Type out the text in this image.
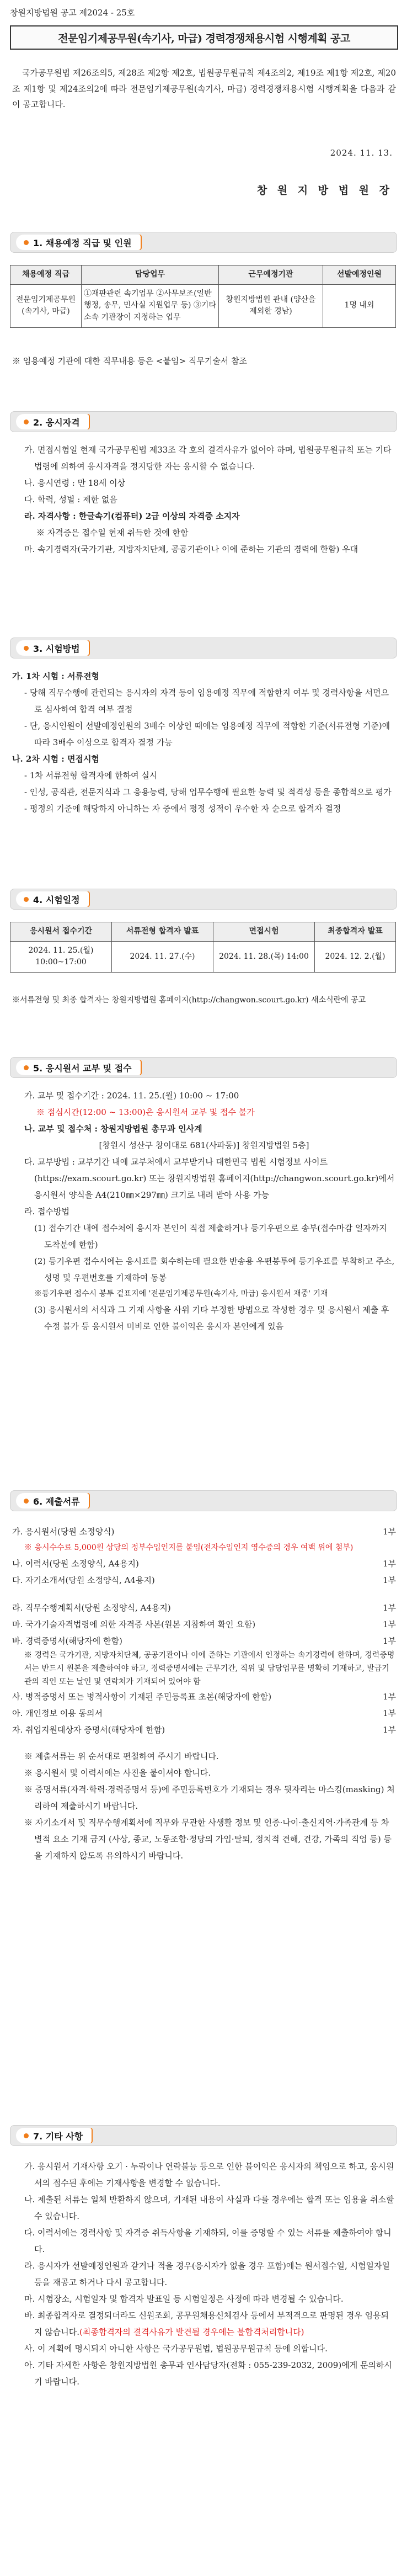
창원지방법원 공고 제2024 - 25호
전문임기제공무원(속기사, 마급) 경력경쟁채용시험 시행계획 공고
국가공무원법 제26조의5, 제28조 제2항 제2호, 법원공무원규칙 제4조의2, 제19조 제1항 제2호, 제20조 제1항 및 제24조의2에 따라 전문임기제공무원(속기사, 마급) 경력경쟁채용시험 시행계획을 다음과 같이 공고합니다.
2024. 11. 13.
창 원 지 방 법 원 장
1. 채용예정 직급 및 인원
채용예정 직급	담당업무	근무예정기관	선발예정인원
전문임기제공무원 (속기사, 마급)	①재판관련 속기업무 ②사무보조(일반행정, 송무, 민사실 지원업무 등) ③기타 소속 기관장이 지정하는 업무	창원지방법원 관내 (양산을 제외한 경남)	1명 내외
※ 임용예정 기관에 대한 직무내용 등은 <붙임> 직무기술서 참조
2. 응시자격

가. 면접시험일 현재 국가공무원법 제33조 각 호의 결격사유가 없어야 하며, 법원공무원규칙 또는 기타 법령에 의하여 응시자격을 정지당한 자는 응시할 수 없습니다.

나. 응시연령 : 만 18세 이상

다. 학력, 성별 : 제한 없음

라. 자격사항 : 한글속기(컴퓨터) 2급 이상의 자격증 소지자

※ 자격증은 접수일 현재 취득한 것에 한함

마. 속기경력자(국가기관, 지방자치단체, 공공기관이나 이에 준하는 기관의 경력에 한함) 우대

3. 시험방법

가. 1차 시험 : 서류전형

- 당해 직무수행에 관련되는 응시자의 자격 등이 임용예정 직무에 적합한지 여부 및 경력사항을 서면으로 심사하여 합격 여부 결정

- 단, 응시인원이 선발예정인원의 3배수 이상인 때에는 임용예정 직무에 적합한 기준(서류전형 기준)에 따라 3배수 이상으로 합격자 결정 가능

나. 2차 시험 : 면접시험

- 1차 서류전형 합격자에 한하여 실시

- 인성, 공직관, 전문지식과 그 응용능력, 당해 업무수행에 필요한 능력 및 적격성 등을 종합적으로 평가

- 평정의 기준에 해당하지 아니하는 자 중에서 평정 성적이 우수한 자 순으로 합격자 결정

4. 시험일정
응시원서 접수기간	서류전형 합격자 발표	면접시험	최종합격자 발표
2024. 11. 25.(월) 10:00~17:00	2024. 11. 27.(수)	2024. 11. 28.(목) 14:00	2024. 12. 2.(월)
※서류전형 및 최종 합격자는 창원지방법원 홈페이지(http://changwon.scourt.go.kr) 새소식란에 공고
5. 응시원서 교부 및 접수

가. 교부 및 접수기간 : 2024. 11. 25.(월) 10:00 ~ 17:00

※ 점심시간(12:00 ~ 13:00)은 응시원서 교부 및 접수 불가

나. 교부 및 접수처 : 창원지방법원 총무과 인사계

[창원시 성산구 창이대로 681(사파동)] 창원지방법원 5층]

다. 교부방법 : 교부기간 내에 교부처에서 교부받거나 대한민국 법원 시험정보 사이트(https://exam.scourt.go.kr) 또는 창원지방법원 홈페이지(http://changwon.scourt.go.kr)에서 응시원서 양식을 A4(210㎜×297㎜) 크기로 내려 받아 사용 가능

라. 접수방법

(1) 접수기간 내에 접수처에 응시자 본인이 직접 제출하거나 등기우편으로 송부(접수마감 일자까지 도착분에 한함)

(2) 등기우편 접수시에는 응시표를 회수하는데 필요한 반송용 우편봉투에 등기우표를 부착하고 주소, 성명 및 우편번호를 기재하여 동봉

※등기우편 접수시 봉투 겉표지에 '전문임기제공무원(속기사, 마급) 응시원서 재중' 기재

(3) 응시원서의 서식과 그 기재 사항을 사위 기타 부정한 방법으로 작성한 경우 및 응시원서 제출 후 수정 불가 등 응시원서 미비로 인한 불이익은 응시자 본인에게 있음

6. 제출서류
가. 응시원서(당원 소정양식)	1부
※ 응시수수료 5,000원 상당의 정부수입인지를 붙임(전자수입인지 영수증의 경우 여백 위에 첨부)
나. 이력서(당원 소정양식, A4용지)	1부
다. 자기소개서(당원 소정양식, A4용지)	1부
라. 직무수행계획서(당원 소정양식, A4용지)	1부
마. 국가기술자격법령에 의한 자격증 사본(원본 지참하여 확인 요함)	1부
바. 경력증명서(해당자에 한함)	1부
※ 경력은 국가기관, 지방자치단체, 공공기관이나 이에 준하는 기관에서 인정하는 속기경력에 한하며, 경력증명서는 반드시 원본을 제출하여야 하고, 경력증명서에는 근무기간, 직위 및 담당업무를 명확히 기재하고, 발급기관의 직인 또는 날인 및 연락처가 기재되어 있어야 함
사. 병적증명서 또는 병적사항이 기재된 주민등록표 초본(해당자에 한함)	1부
아. 개인정보 이용 동의서	1부
자. 취업지원대상자 증명서(해당자에 한함)	1부

※ 제출서류는 위 순서대로 편철하여 주시기 바랍니다.

※ 응시원서 및 이력서에는 사진을 붙이셔야 합니다.

※ 증명서류(자격·학력·경력증명서 등)에 주민등록번호가 기재되는 경우 뒷자리는 마스킹(masking) 처리하여 제출하시기 바랍니다.

※ 자기소개서 및 직무수행계획서에 직무와 무관한 사생활 정보 및 인종·나이·출신지역·가족관계 등 차별적 요소 기재 금지 (사상, 종교, 노동조합·정당의 가입·탈퇴, 정치적 견해, 건강, 가족의 직업 등) 등을 기재하지 않도록 유의하시기 바랍니다.

7. 기타 사항

가. 응시원서 기재사항 오기 · 누락이나 연락불능 등으로 인한 불이익은 응시자의 책임으로 하고, 응시원서의 접수된 후에는 기재사항을 변경할 수 없습니다.

나. 제출된 서류는 일체 반환하지 않으며, 기재된 내용이 사실과 다를 경우에는 합격 또는 임용을 취소할 수 있습니다.

다. 이력서에는 경력사항 및 자격증 취득사항을 기재하되, 이를 증명할 수 있는 서류를 제출하여야 합니다.

라. 응시자가 선발예정인원과 같거나 적을 경우(응시자가 없을 경우 포함)에는 원서접수일, 시험일자일 등을 재공고 하거나 다시 공고합니다.

마. 시험장소, 시험일자 및 합격자 발표일 등 시험일정은 사정에 따라 변경될 수 있습니다.

바. 최종합격자로 결정되더라도 신원조회, 공무원채용신체검사 등에서 부적격으로 판명된 경우 임용되지 않습니다.(최종합격자의 결격사유가 발견될 경우에는 불합격처리합니다)

사. 이 계획에 명시되지 아니한 사항은 국가공무원법, 법원공무원규칙 등에 의합니다.

아. 기타 자세한 사항은 창원지방법원 총무과 인사담당자(전화 : 055-239-2032, 2009)에게 문의하시기 바랍니다.
